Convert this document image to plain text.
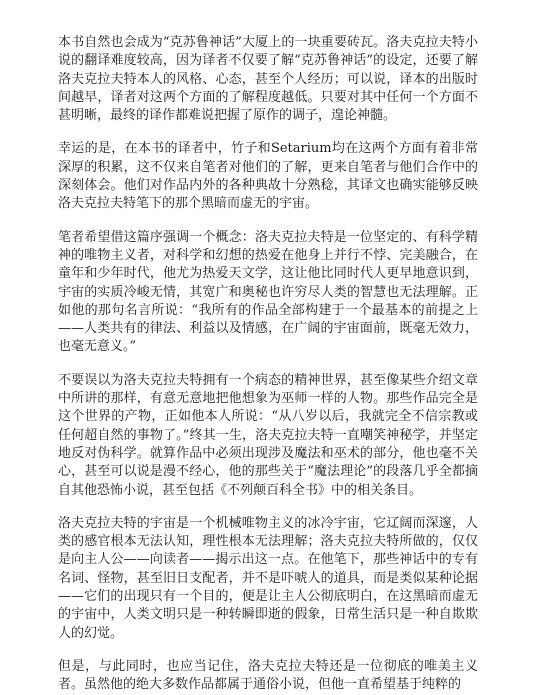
本书自然也会成为“克苏鲁神话”大厦上的一块重要砖瓦。洛夫克拉夫特小说的翻译难度较高，因为译者不仅要了解“克苏鲁神话”的设定，还要了解洛夫克拉夫特本人的风格、心态，甚至个人经历；可以说，译本的出版时间越早，译者对这两个方面的了解程度越低。只要对其中任何一个方面不甚明晰，最终的译作都难说把握了原作的调子，遑论神髓。

幸运的是，在本书的译者中，竹子和Setarium均在这两个方面有着非常深厚的积累，这不仅来自笔者对他们的了解，更来自笔者与他们合作中的深刻体会。他们对作品内外的各种典故十分熟稔，其译文也确实能够反映洛夫克拉夫特笔下的那个黑暗而虚无的宇宙。

笔者希望借这篇序强调一个概念：洛夫克拉夫特是一位坚定的、有科学精神的唯物主义者，对科学和幻想的热爱在他身上并行不悖、完美融合，在童年和少年时代，他尤为热爱天文学，这让他比同时代人更早地意识到，宇宙的实质冷峻无情，其宽广和奥秘也许穷尽人类的智慧也无法理解。正如他的那句名言所说：“我所有的作品全部构建于一个最基本的前提之上——人类共有的律法、利益以及情感，在广阔的宇宙面前，既毫无效力，也毫无意义。”

不要误以为洛夫克拉夫特拥有一个病态的精神世界，甚至像某些介绍文章中所讲的那样，有意无意地把他想象为巫师一样的人物。那些作品完全是这个世界的产物，正如他本人所说：“从八岁以后，我就完全不信宗教或任何超自然的事物了。”终其一生，洛夫克拉夫特一直嘲笑神秘学，并坚定地反对伪科学。就算作品中必须出现涉及魔法和巫术的部分，他也毫不关心，甚至可以说是漫不经心，他的那些关于“魔法理论”的段落几乎全都摘自其他恐怖小说，甚至包括《不列颠百科全书》中的相关条目。

洛夫克拉夫特的宇宙是一个机械唯物主义的冰冷宇宙，它辽阔而深邃，人类的感官根本无法认知，理性根本无法理解；洛夫克拉夫特所做的，仅仅是向主人公——向读者——揭示出这一点。在他笔下，那些神话中的专有名词、怪物，甚至旧日支配者，并不是吓唬人的道具，而是类似某种论据——它们的出现只有一个目的，便是让主人公彻底明白，在这黑暗而虚无的宇宙中，人类文明只是一种转瞬即逝的假象，日常生活只是一种自欺欺人的幻觉。

但是，与此同时，也应当记住，洛夫克拉夫特还是一位彻底的唯美主义者。虽然他的绝大多数作品都属于通俗小说，但他一直希望基于纯粹的
